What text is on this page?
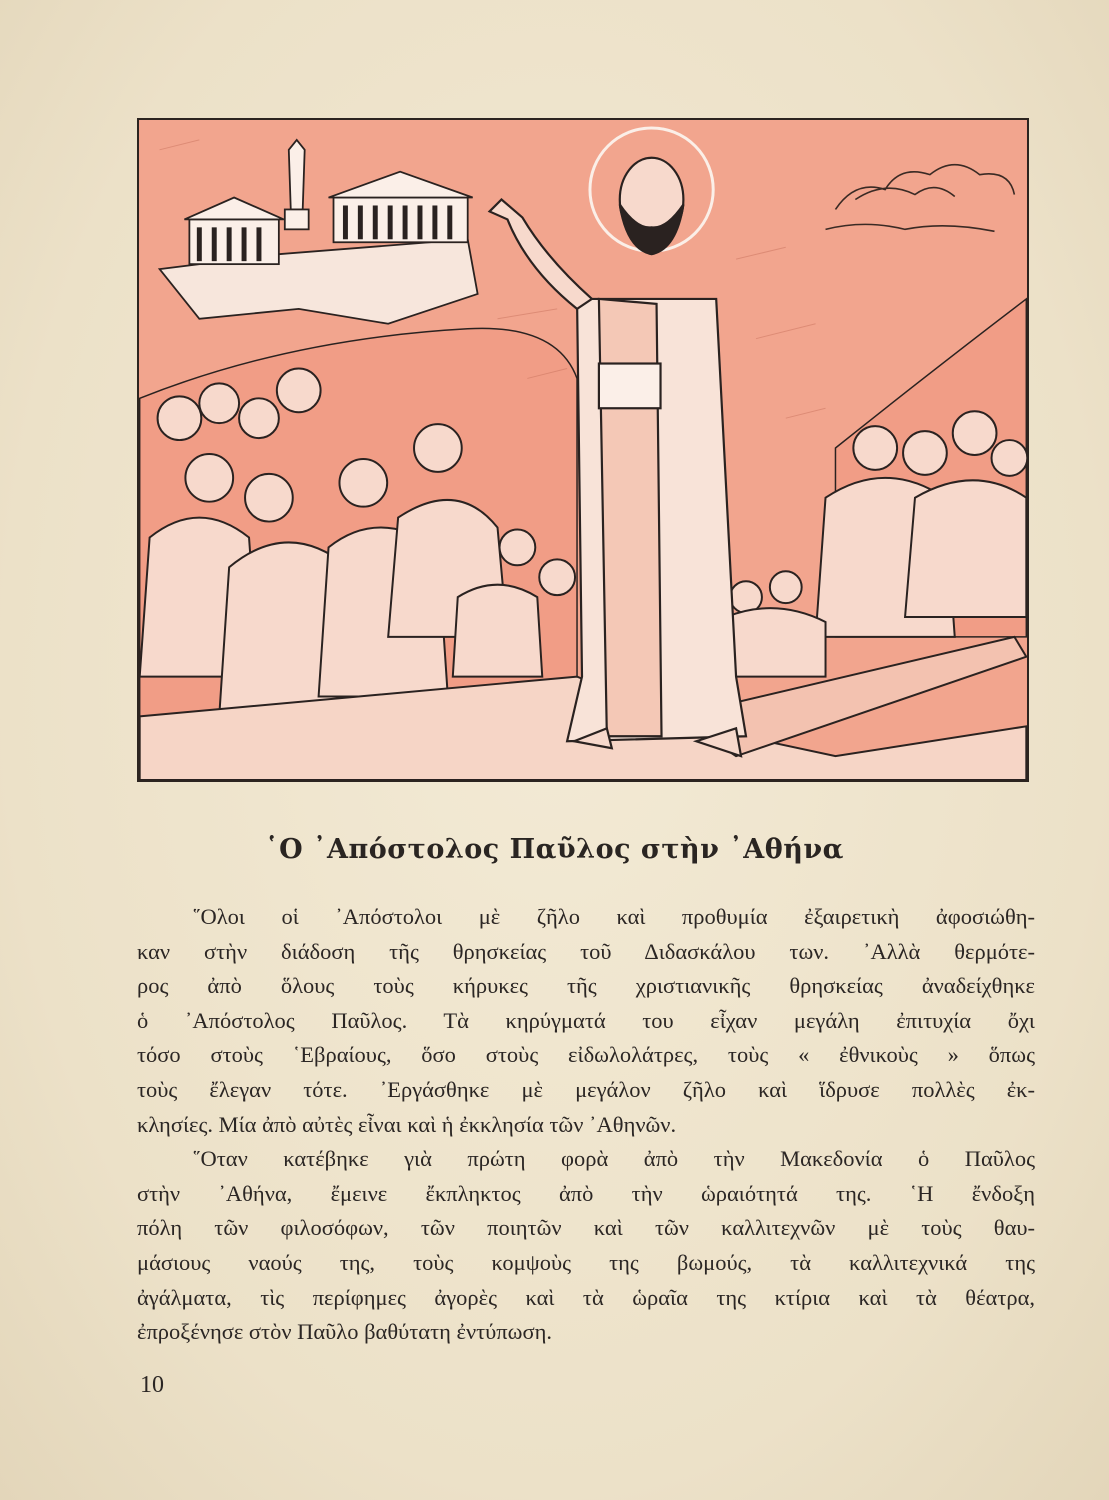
῾Ο ᾿Απόστολος Παῦλος στὴν ᾿Αθήνα
῞Ολοι οἱ ᾿Απόστολοι μὲ ζῆλο καὶ προθυμία ἐξαιρετικὴ ἀφοσιώθη-
καν στὴν διάδοση τῆς θρησκείας τοῦ Διδασκάλου των. ᾿Αλλὰ θερμότε-
ρος ἀπὸ ὅλους τοὺς κήρυκες τῆς χριστιανικῆς θρησκείας ἀναδείχθηκε
ὁ ᾿Απόστολος Παῦλος. Τὰ κηρύγματά του εἶχαν μεγάλη ἐπιτυχία ὄχι
τόσο στοὺς ῾Εβραίους, ὅσο στοὺς εἰδωλολάτρες, τοὺς « ἐθνικοὺς » ὅπως
τοὺς ἔλεγαν τότε. ᾿Εργάσθηκε μὲ μεγάλον ζῆλο καὶ ἵδρυσε πολλὲς ἐκ-
κλησίες. Μία ἀπὸ αὐτὲς εἶναι καὶ ἡ ἐκκλησία τῶν ᾿Αθηνῶν.
῞Οταν κατέβηκε γιὰ πρώτη φορὰ ἀπὸ τὴν Μακεδονία ὁ Παῦλος
στὴν ᾿Αθήνα, ἔμεινε ἔκπληκτος ἀπὸ τὴν ὡραιότητά της. ῾Η ἔνδοξη
πόλη τῶν φιλοσόφων, τῶν ποιητῶν καὶ τῶν καλλιτεχνῶν μὲ τοὺς θαυ-
μάσιους ναούς της, τοὺς κομψοὺς της βωμούς, τὰ καλλιτεχνικά της
ἀγάλματα, τὶς περίφημες ἀγορὲς καὶ τὰ ὡραῖα της κτίρια καὶ τὰ θέατρα,
ἐπροξένησε στὸν Παῦλο βαθύτατη ἐντύπωση.
10
